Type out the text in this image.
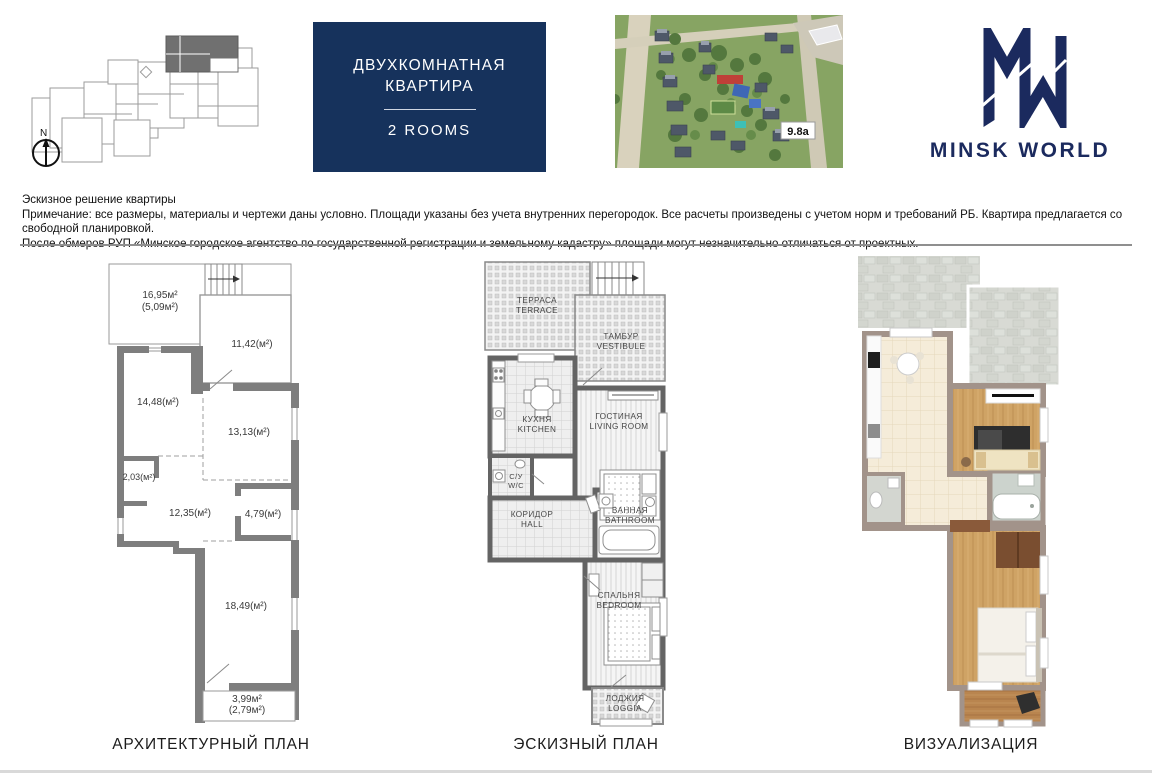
N
ДВУХКОМНАТНАЯ КВАРТИРА
2 ROOMS	9.8а
MINSK WORLD
Эскизное решение квартиры
Примечание: все размеры, материалы и чертежи даны условно. Площади указаны без учета внутренних перегородок. Все расчеты произведены с учетом норм и требований РБ. Квартира предлагается со свободной планировкой.
16,95м²
(5,09м²)
11,42(м²)
14,48(м²)
13,13(м²)
2,03(м²)
12,35(м²)	4,79(м²)
18,49(м²)
3,99м²
(2,79м²)
ТЕРРАСА
TERRACE
ТАМБУР
VESTIBULE
КУХНЯ
KITCHEN
ГОСТИНАЯ
LIVING ROOM
С/У
W/C
КОРИДОР
HALL
ВАННАЯ
BATHROOM
СПАЛЬНЯ
BEDROOM
ЛОДЖИЯ
LOGGIA
АРХИТЕКТУРНЫЙ ПЛАН	ЭСКИЗНЫЙ ПЛАН	ВИЗУАЛИЗАЦИЯ
